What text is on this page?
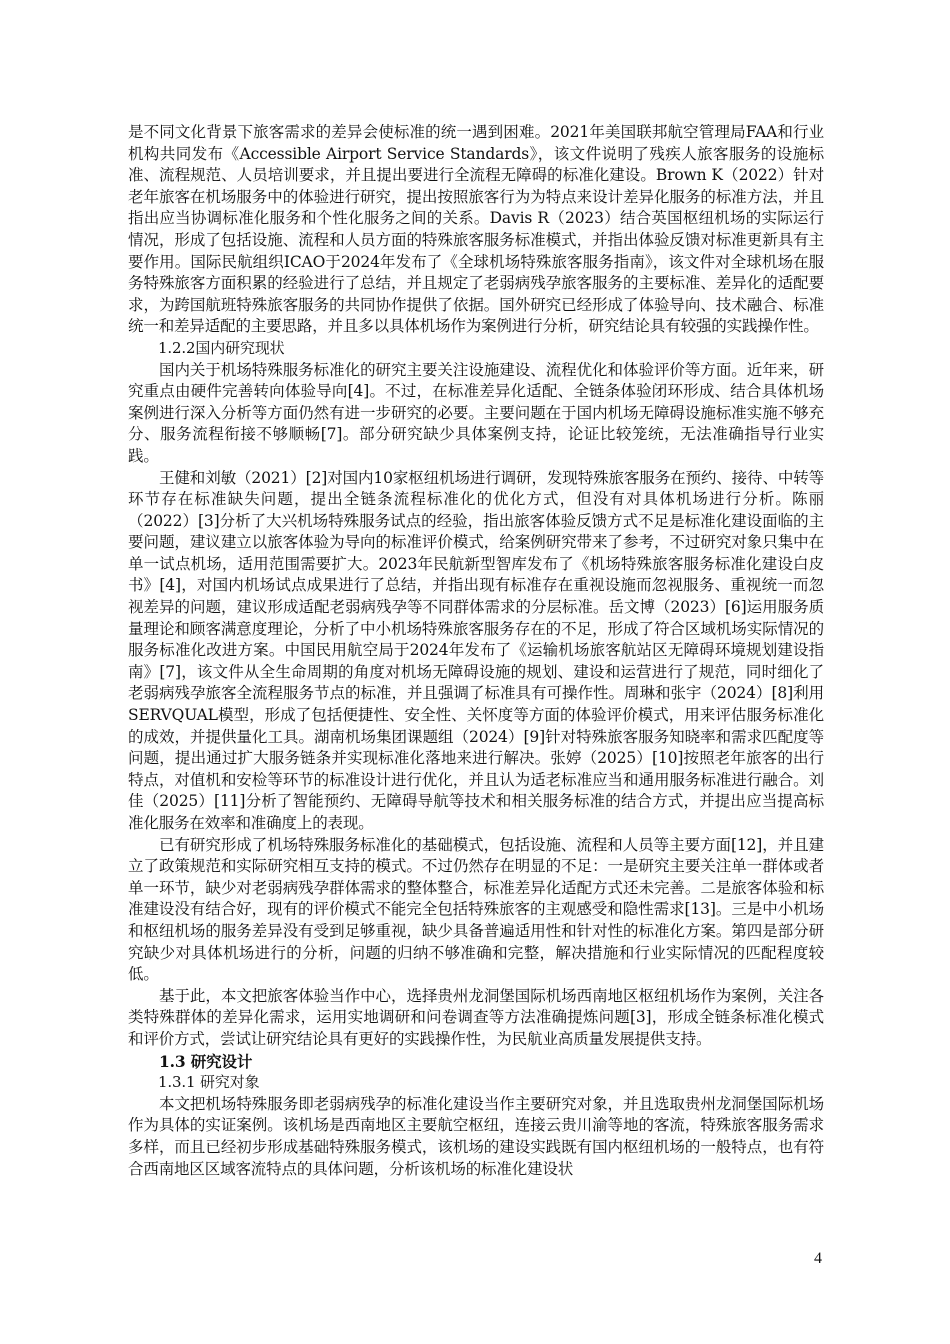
是不同文化背景下旅客需求的差异会使标准的统一遇到困难。2021年美国联邦航空管理局FAA和行业机构共同发布《Accessible Airport Service Standards》，该文件说明了残疾人旅客服务的设施标准、流程规范、人员培训要求，并且提出要进行全流程无障碍的标准化建设。Brown K（2022）针对老年旅客在机场服务中的体验进行研究，提出按照旅客行为为特点来设计差异化服务的标准方法，并且指出应当协调标准化服务和个性化服务之间的关系。Davis R（2023）结合英国枢纽机场的实际运行情况，形成了包括设施、流程和人员方面的特殊旅客服务标准模式，并指出体验反馈对标准更新具有主要作用。国际民航组织ICAO于2024年发布了《全球机场特殊旅客服务指南》，该文件对全球机场在服务特殊旅客方面积累的经验进行了总结，并且规定了老弱病残孕旅客服务的主要标准、差异化的适配要求，为跨国航班特殊旅客服务的共同协作提供了依据。国外研究已经形成了体验导向、技术融合、标准统一和差异适配的主要思路，并且多以具体机场作为案例进行分析，研究结论具有较强的实践操作性。

1.2.2国内研究现状

国内关于机场特殊服务标准化的研究主要关注设施建设、流程优化和体验评价等方面。近年来，研究重点由硬件完善转向体验导向[4]。不过，在标准差异化适配、全链条体验闭环形成、结合具体机场案例进行深入分析等方面仍然有进一步研究的必要。主要问题在于国内机场无障碍设施标准实施不够充分、服务流程衔接不够顺畅[7]。部分研究缺少具体案例支持，论证比较笼统，无法准确指导行业实践。

王健和刘敏（2021）[2]对国内10家枢纽机场进行调研，发现特殊旅客服务在预约、接待、中转等环节存在标准缺失问题，提出全链条流程标准化的优化方式，但没有对具体机场进行分析。陈丽（2022）[3]分析了大兴机场特殊服务试点的经验，指出旅客体验反馈方式不足是标准化建设面临的主要问题，建议建立以旅客体验为导向的标准评价模式，给案例研究带来了参考，不过研究对象只集中在单一试点机场，适用范围需要扩大。2023年民航新型智库发布了《机场特殊旅客服务标准化建设白皮书》[4]，对国内机场试点成果进行了总结，并指出现有标准存在重视设施而忽视服务、重视统一而忽视差异的问题，建议形成适配老弱病残孕等不同群体需求的分层标准。岳文博（2023）[6]运用服务质量理论和顾客满意度理论，分析了中小机场特殊旅客服务存在的不足，形成了符合区域机场实际情况的服务标准化改进方案。中国民用航空局于2024年发布了《运输机场旅客航站区无障碍环境规划建设指南》[7]，该文件从全生命周期的角度对机场无障碍设施的规划、建设和运营进行了规范，同时细化了老弱病残孕旅客全流程服务节点的标准，并且强调了标准具有可操作性。周琳和张宇（2024）[8]利用SERVQUAL模型，形成了包括便捷性、安全性、关怀度等方面的体验评价模式，用来评估服务标准化的成效，并提供量化工具。湖南机场集团课题组（2024）[9]针对特殊旅客服务知晓率和需求匹配度等问题，提出通过扩大服务链条并实现标准化落地来进行解决。张婷（2025）[10]按照老年旅客的出行特点，对值机和安检等环节的标准设计进行优化，并且认为适老标准应当和通用服务标准进行融合。刘佳（2025）[11]分析了智能预约、无障碍导航等技术和相关服务标准的结合方式，并提出应当提高标准化服务在效率和准确度上的表现。

已有研究形成了机场特殊服务标准化的基础模式，包括设施、流程和人员等主要方面[12]，并且建立了政策规范和实际研究相互支持的模式。不过仍然存在明显的不足：一是研究主要关注单一群体或者单一环节，缺少对老弱病残孕群体需求的整体整合，标准差异化适配方式还未完善。二是旅客体验和标准建设没有结合好，现有的评价模式不能完全包括特殊旅客的主观感受和隐性需求[13]。三是中小机场和枢纽机场的服务差异没有受到足够重视，缺少具备普遍适用性和针对性的标准化方案。第四是部分研究缺少对具体机场进行的分析，问题的归纳不够准确和完整，解决措施和行业实际情况的匹配程度较低。

基于此，本文把旅客体验当作中心，选择贵州龙洞堡国际机场西南地区枢纽机场作为案例，关注各类特殊群体的差异化需求，运用实地调研和问卷调查等方法准确提炼问题[3]，形成全链条标准化模式和评价方式，尝试让研究结论具有更好的实践操作性，为民航业高质量发展提供支持。

1.3 研究设计

1.3.1 研究对象

本文把机场特殊服务即老弱病残孕的标准化建设当作主要研究对象，并且选取贵州龙洞堡国际机场作为具体的实证案例。该机场是西南地区主要航空枢纽，连接云贵川渝等地的客流，特殊旅客服务需求多样，而且已经初步形成基础特殊服务模式，该机场的建设实践既有国内枢纽机场的一般特点，也有符合西南地区区域客流特点的具体问题，分析该机场的标准化建设状

4
